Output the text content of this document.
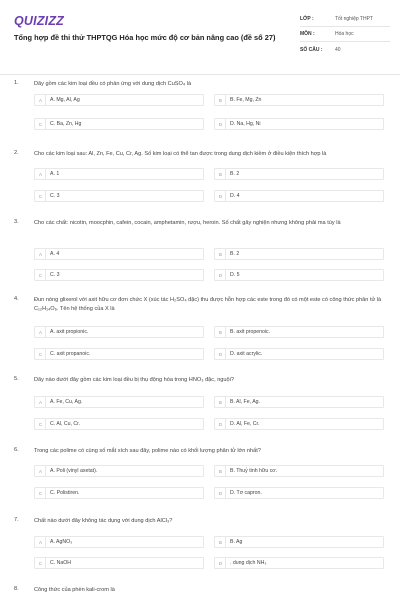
QUIZIZZ
Tổng hợp đề thi thử THPTQG Hóa học mức độ cơ bản nâng cao (đề số 27)
LỚP :	Tốt nghiệp THPT
MÔN :	Hóa học
SỐ CÂU :	40
1.	Dãy gồm các kim loại đều có phản ứng với dung dịch CuSO₄ là
A	A. Mg, Al, Ag	B	B. Fe, Mg, Zn
C	C. Ba, Zn, Hg	D	D. Na, Hg, Ni
2.	Cho các kim loại sau: Al, Zn, Fe, Cu, Cr, Ag. Số kim loại có thể tan được trong dung dịch kiềm ở điều kiện thích hợp là
A	A. 1	B	B. 2
C	C. 3	D	D. 4
3.	Cho các chất: nicotin, moocphin, cafein, cocain, amphetamin, rượu, heroin. Số chất gây nghiện nhưng không phải ma túy là
A	A. 4	B	B. 2
C	C. 3	D	D. 5
4.	Đun nóng glixerol với axit hữu cơ đơn chức X (xúc tác H₂SO₄ đặc) thu được hỗn hợp các este trong đó có một este có công thức phân tử là C₁₂H₁₄O₆. Tên hệ thống của X là
A	A. axit propionic.	B	B. axit propenoic.
C	C. axit propanoic.	D	D. axit acrylic.
5.	Dãy nào dưới đây gồm các kim loại đều bị thụ động hóa trong HNO₃ đặc, nguội?
A	A. Fe, Cu, Ag.	B	B. Al, Fe, Ag.
C	C. Al, Cu, Cr.	D	D. Al, Fe, Cr.
6.	Trong các polime có cùng số mắt xích sau đây, polime nào có khối lượng phân tử lớn nhất?
A	A. Poli (vinyl axetat).	B	B. Thuỷ tinh hữu cơ.
C	C. Polistiren.	D	D. Tơ capron.
7.	Chất nào dưới đây không tác dụng với dung dịch AlCl₃?
A	A. AgNO₃	B	B. Ag
C	C. NaOH	D	. dung dịch NH₃
8.	Công thức của phèn kali-crom là
